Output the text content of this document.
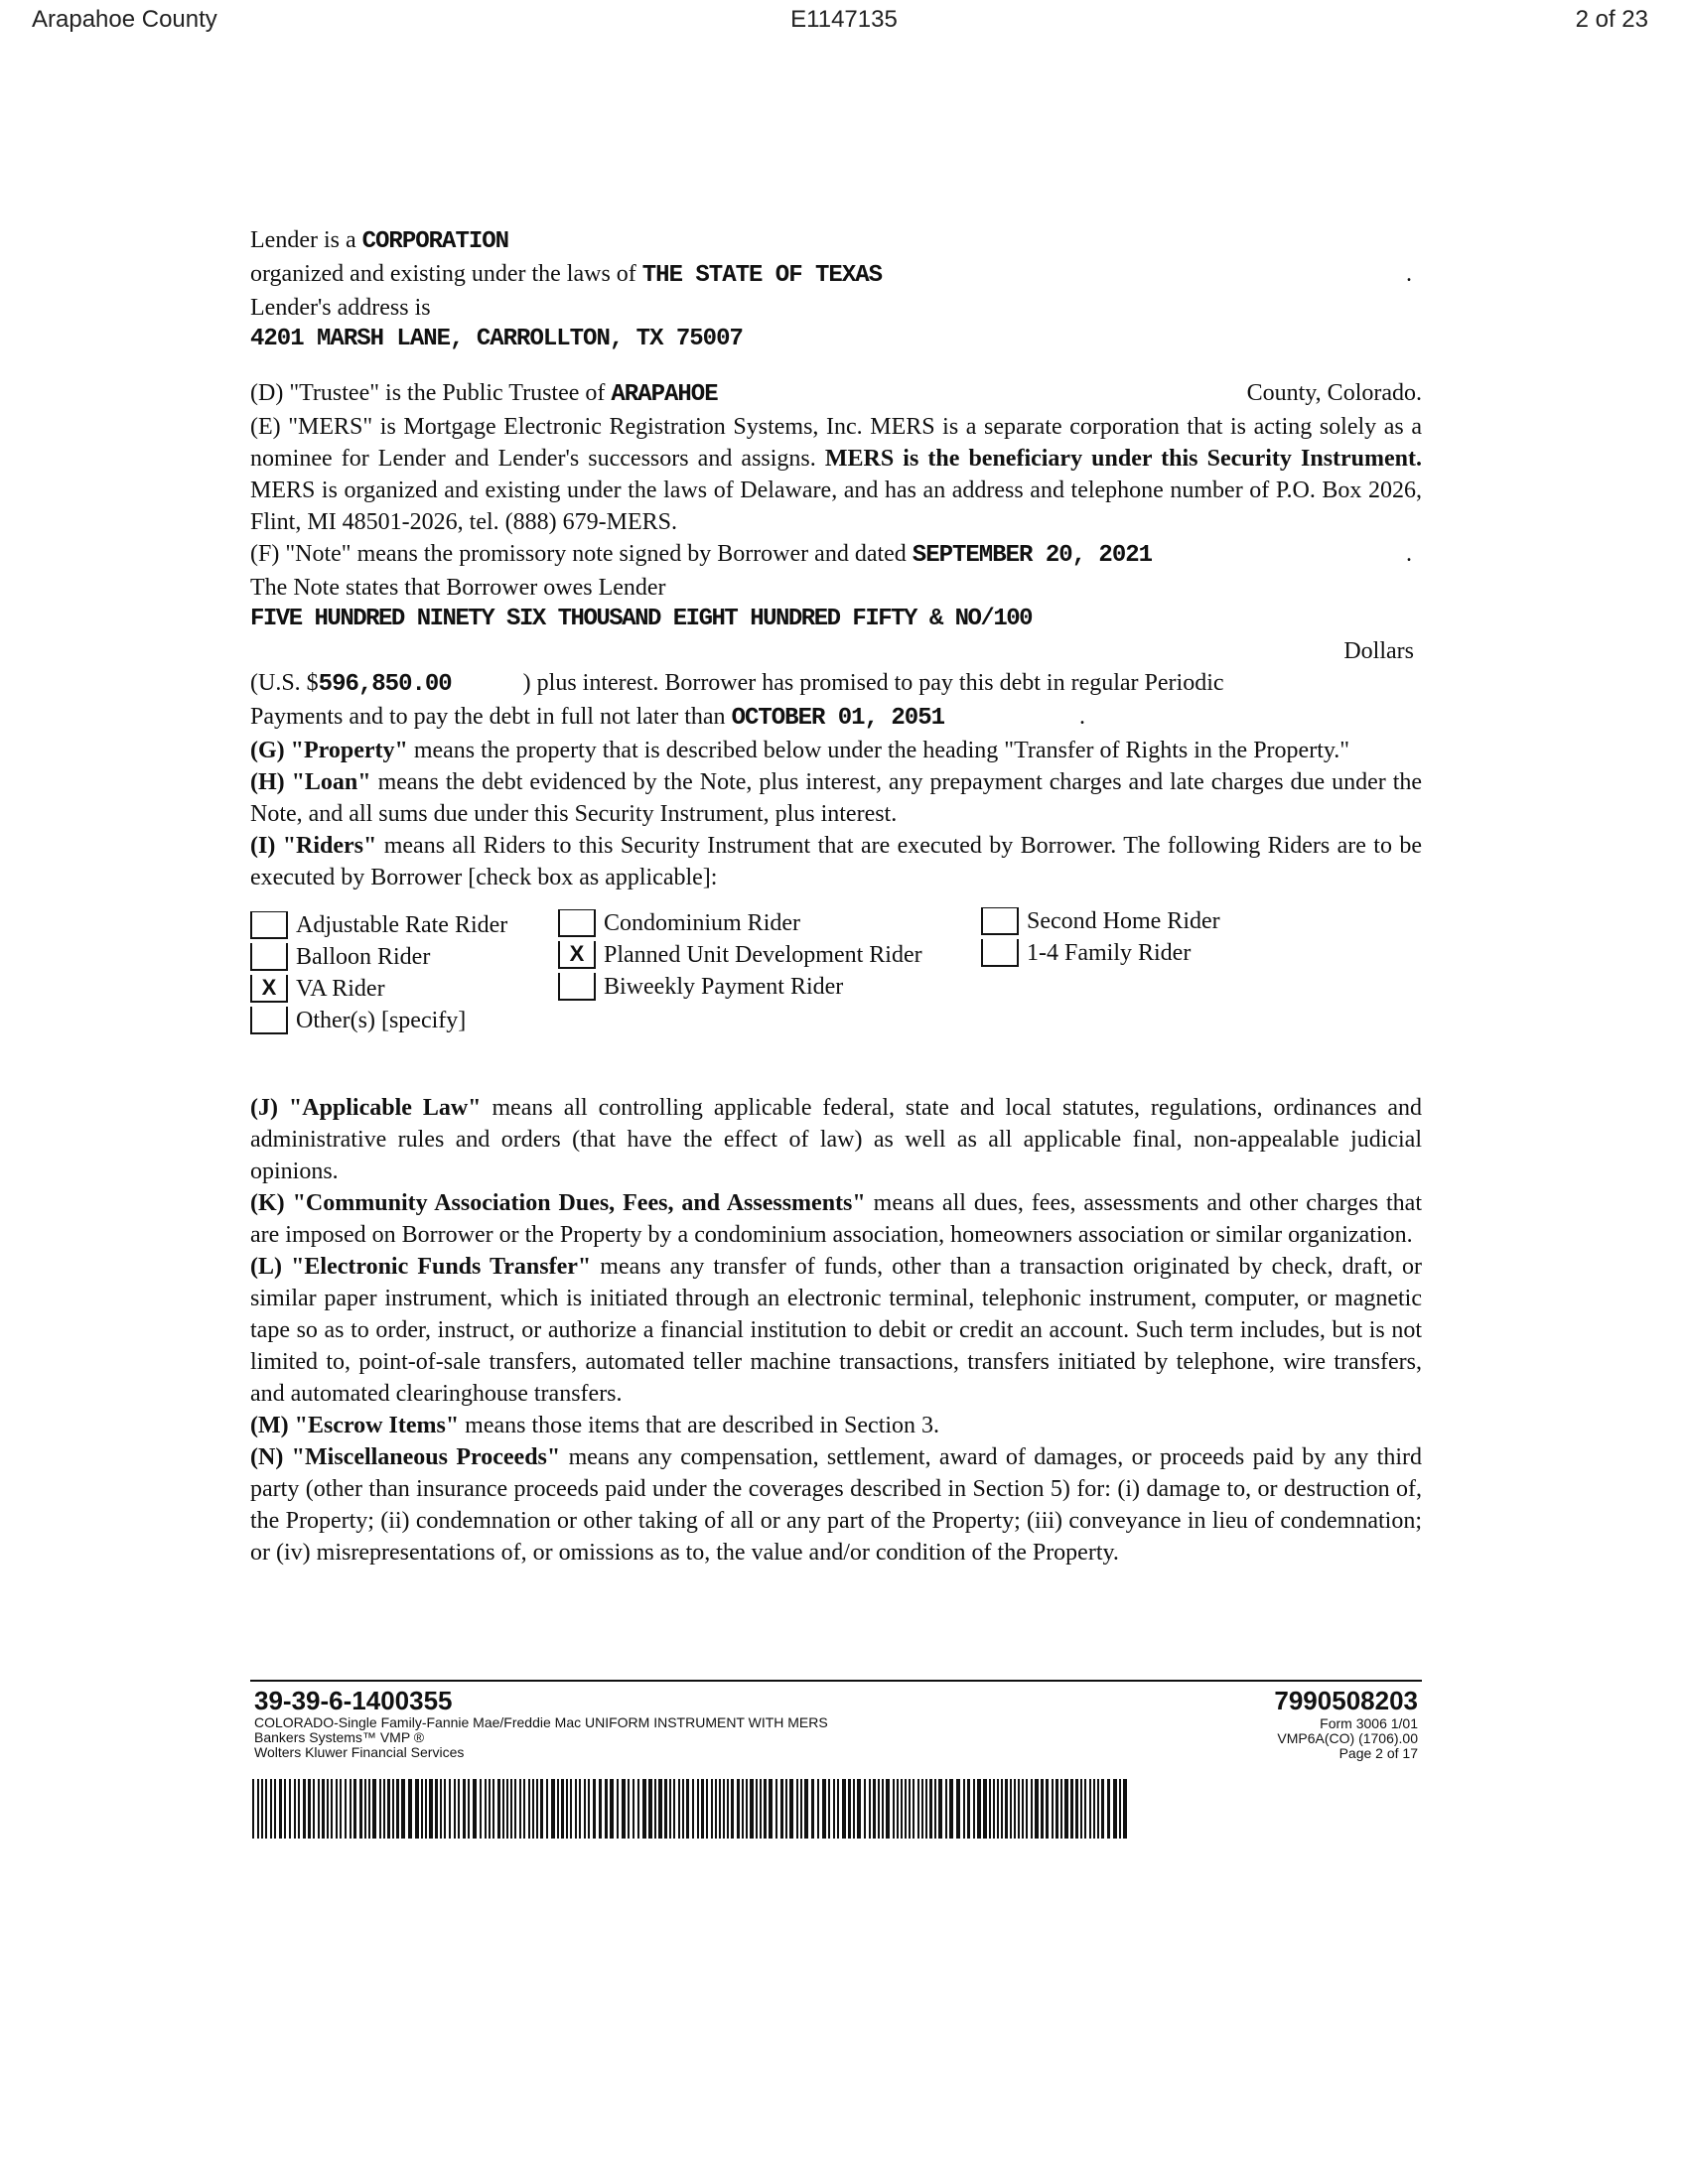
Arapahoe County	E1147135	2 of 23
Lender is a CORPORATION
organized and existing under the laws of THE STATE OF TEXAS	.
Lender's address is
4201 MARSH LANE, CARROLLTON, TX 75007
(D) "Trustee" is the Public Trustee of ARAPAHOE	County, Colorado.
(E) "MERS" is Mortgage Electronic Registration Systems, Inc. MERS is a separate corporation that is acting solely as a nominee for Lender and Lender's successors and assigns. MERS is the beneficiary under this Security Instrument. MERS is organized and existing under the laws of Delaware, and has an address and telephone number of P.O. Box 2026, Flint, MI 48501-2026, tel. (888) 679-MERS.
(F) "Note" means the promissory note signed by Borrower and dated SEPTEMBER 20, 2021	.
The Note states that Borrower owes Lender
FIVE HUNDRED NINETY SIX THOUSAND EIGHT HUNDRED FIFTY & NO/100
Dollars
(U.S. $596,850.00	) plus interest. Borrower has promised to pay this debt in regular Periodic
Payments and to pay the debt in full not later than OCTOBER 01, 2051	.
(G) "Property" means the property that is described below under the heading "Transfer of Rights in the Property."
(H) "Loan" means the debt evidenced by the Note, plus interest, any prepayment charges and late charges due under the Note, and all sums due under this Security Instrument, plus interest.
(I) "Riders" means all Riders to this Security Instrument that are executed by Borrower. The following Riders are to be executed by Borrower [check box as applicable]:
Adjustable Rate Rider	Condominium Rider	Second Home Rider
Balloon Rider	X Planned Unit Development Rider	1-4 Family Rider
X VA Rider	Biweekly Payment Rider
Other(s) [specify]
(J) "Applicable Law" means all controlling applicable federal, state and local statutes, regulations, ordinances and administrative rules and orders (that have the effect of law) as well as all applicable final, non-appealable judicial opinions.
(K) "Community Association Dues, Fees, and Assessments" means all dues, fees, assessments and other charges that are imposed on Borrower or the Property by a condominium association, homeowners association or similar organization.
(L) "Electronic Funds Transfer" means any transfer of funds, other than a transaction originated by check, draft, or similar paper instrument, which is initiated through an electronic terminal, telephonic instrument, computer, or magnetic tape so as to order, instruct, or authorize a financial institution to debit or credit an account. Such term includes, but is not limited to, point-of-sale transfers, automated teller machine transactions, transfers initiated by telephone, wire transfers, and automated clearinghouse transfers.
(M) "Escrow Items" means those items that are described in Section 3.
(N) "Miscellaneous Proceeds" means any compensation, settlement, award of damages, or proceeds paid by any third party (other than insurance proceeds paid under the coverages described in Section 5) for: (i) damage to, or destruction of, the Property; (ii) condemnation or other taking of all or any part of the Property; (iii) conveyance in lieu of condemnation; or (iv) misrepresentations of, or omissions as to, the value and/or condition of the Property.
39-39-6-1400355
COLORADO-Single Family-Fannie Mae/Freddie Mac UNIFORM INSTRUMENT WITH MERS
Bankers Systems™ VMP ®
Wolters Kluwer Financial Services
7990508203
Form 3006 1/01
VMP6A(CO) (1706).00
Page 2 of 17
